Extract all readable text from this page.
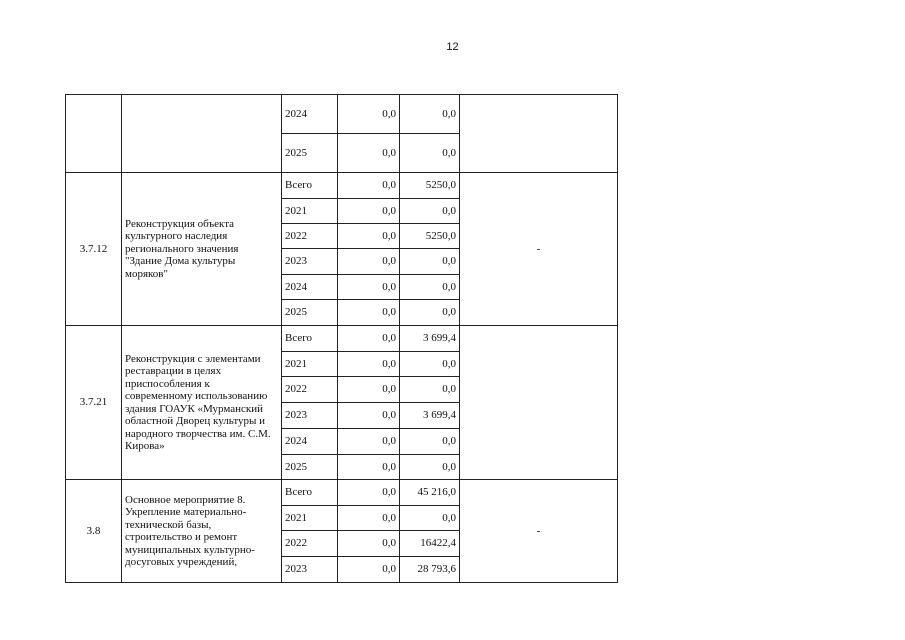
12
		2024	0,0	0,0	
		2025	0,0	0,0	
3.7.12	Реконструкция объекта культурного наследия регионального значения "Здание Дома культуры моряков"	Всего	0,0	5250,0	-
		2021	0,0	0,0	
		2022	0,0	5250,0	
		2023	0,0	0,0	
		2024	0,0	0,0	
		2025	0,0	0,0	
3.7.21	Реконструкция с элементами реставрации в целях приспособления к современному использованию здания ГОАУК «Мурманский областной Дворец культуры и народного творчества им. С.М. Кирова»	Всего	0,0	3 699,4	
		2021	0,0	0,0	
		2022	0,0	0,0	
		2023	0,0	3 699,4	
		2024	0,0	0,0	
		2025	0,0	0,0	
3.8	Основное мероприятие 8. Укрепление материально-технической базы, строительство и ремонт муниципальных культурно-досуговых учреждений,	Всего	0,0	45 216,0	-
		2021	0,0	0,0	
		2022	0,0	16422,4	
		2023	0,0	28 793,6	
